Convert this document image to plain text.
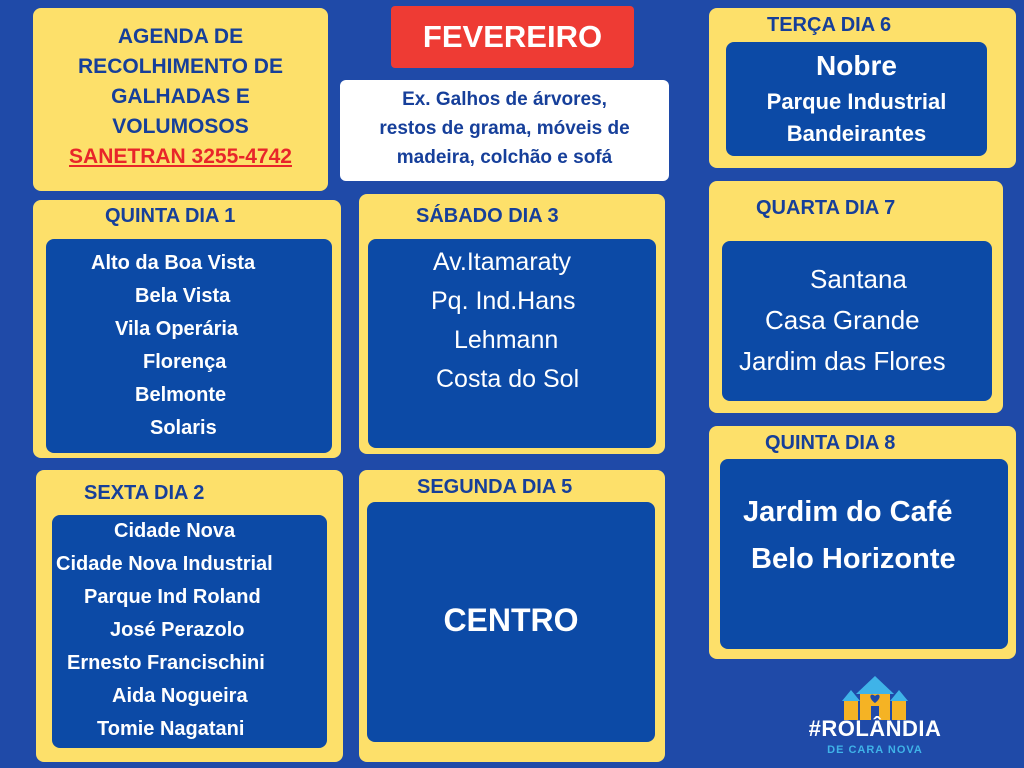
AGENDA DE
RECOLHIMENTO DE
GALHADAS E
VOLUMOSOS
SANETRAN 3255-4742
FEVEREIRO
Ex. Galhos de árvores,
restos de grama, móveis de
madeira, colchão e sofá
TERÇA DIA 6
Nobre
Parque Industrial
Bandeirantes
QUINTA DIA 1
Alto da Boa Vista
Bela Vista
Vila Operária
Florença
Belmonte
Solaris
SÁBADO DIA 3
Av.Itamaraty
Pq. Ind.Hans
Lehmann
Costa do Sol
QUARTA DIA 7
Santana
Casa Grande
Jardim das Flores
SEXTA DIA 2
Cidade Nova
Cidade Nova Industrial
Parque Ind Roland
José Perazolo
Ernesto Francischini
Aida Nogueira
Tomie Nagatani
SEGUNDA DIA 5
CENTRO
QUINTA DIA 8
Jardim do Café
Belo Horizonte
#ROLÂNDIA
DE CARA NOVA
